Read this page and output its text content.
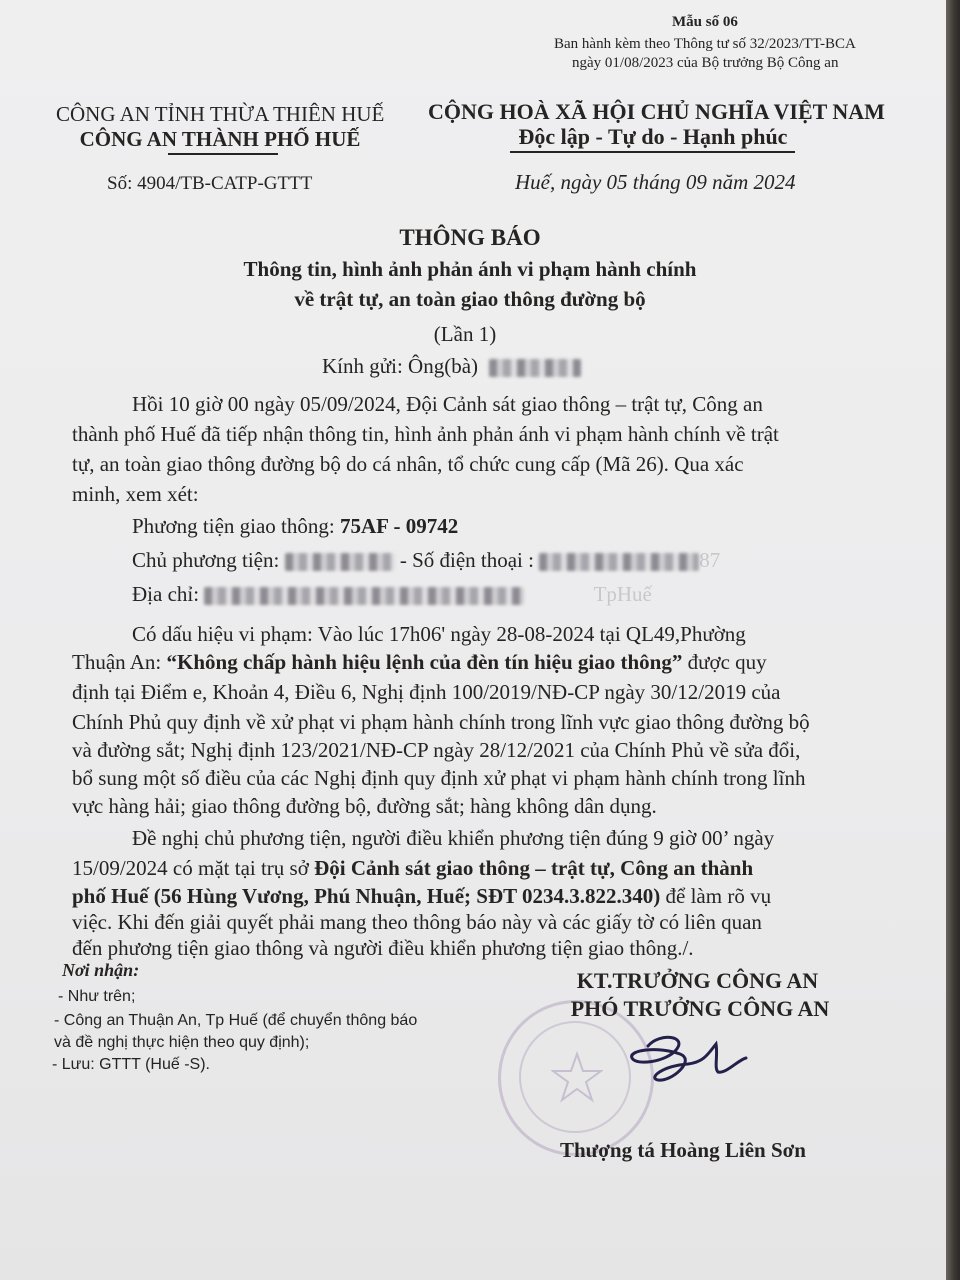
Mẫu số 06
Ban hành kèm theo Thông tư số 32/2023/TT-BCA
ngày 01/08/2023 của Bộ trưởng Bộ Công an
CÔNG AN TỈNH THỪA THIÊN HUẾ
CÔNG AN THÀNH PHỐ HUẾ
Số: 4904/TB-CATP-GTTT
CỘNG HOÀ XÃ HỘI CHỦ NGHĨA VIỆT NAM
Độc lập - Tự do - Hạnh phúc
Huế, ngày 05 tháng 09 năm 2024
THÔNG BÁO
Thông tin, hình ảnh phản ánh vi phạm hành chính
về trật tự, an toàn giao thông đường bộ
(Lần 1)
Kính gửi: Ông(bà)
Hồi 10 giờ 00 ngày 05/09/2024, Đội Cảnh sát giao thông – trật tự, Công an
thành phố Huế đã tiếp nhận thông tin, hình ảnh phản ánh vi phạm hành chính về trật
tự, an toàn giao thông đường bộ do cá nhân, tổ chức cung cấp (Mã 26). Qua xác
minh, xem xét:
Phương tiện giao thông: 75AF - 09742
Chủ phương tiện:	- Số điện thoại :	87
Địa chỉ:	TpHuế
Có dấu hiệu vi phạm: Vào lúc 17h06' ngày 28-08-2024 tại QL49,Phường
Thuận An: “Không chấp hành hiệu lệnh của đèn tín hiệu giao thông” được quy
định tại Điểm e, Khoản 4, Điều 6, Nghị định 100/2019/NĐ-CP ngày 30/12/2019 của
Chính Phủ quy định về xử phạt vi phạm hành chính trong lĩnh vực giao thông đường bộ
và đường sắt; Nghị định 123/2021/NĐ-CP ngày 28/12/2021 của Chính Phủ về sửa đổi,
bổ sung một số điều của các Nghị định quy định xử phạt vi phạm hành chính trong lĩnh
vực hàng hải; giao thông đường bộ, đường sắt; hàng không dân dụng.
Đề nghị chủ phương tiện, người điều khiển phương tiện đúng 9 giờ 00’ ngày
15/09/2024 có mặt tại trụ sở Đội Cảnh sát giao thông – trật tự, Công an thành
phố Huế (56 Hùng Vương, Phú Nhuận, Huế; SĐT 0234.3.822.340) để làm rõ vụ
việc. Khi đến giải quyết phải mang theo thông báo này và các giấy tờ có liên quan
đến phương tiện giao thông và người điều khiển phương tiện giao thông./.
Nơi nhận:
- Như trên;
- Công an Thuận An, Tp Huế (để chuyển thông báo
và đề nghị thực hiện theo quy định);
- Lưu: GTTT (Huế -S).
KT.TRƯỞNG CÔNG AN
PHÓ TRƯỞNG CÔNG AN
Thượng tá Hoàng Liên Sơn
